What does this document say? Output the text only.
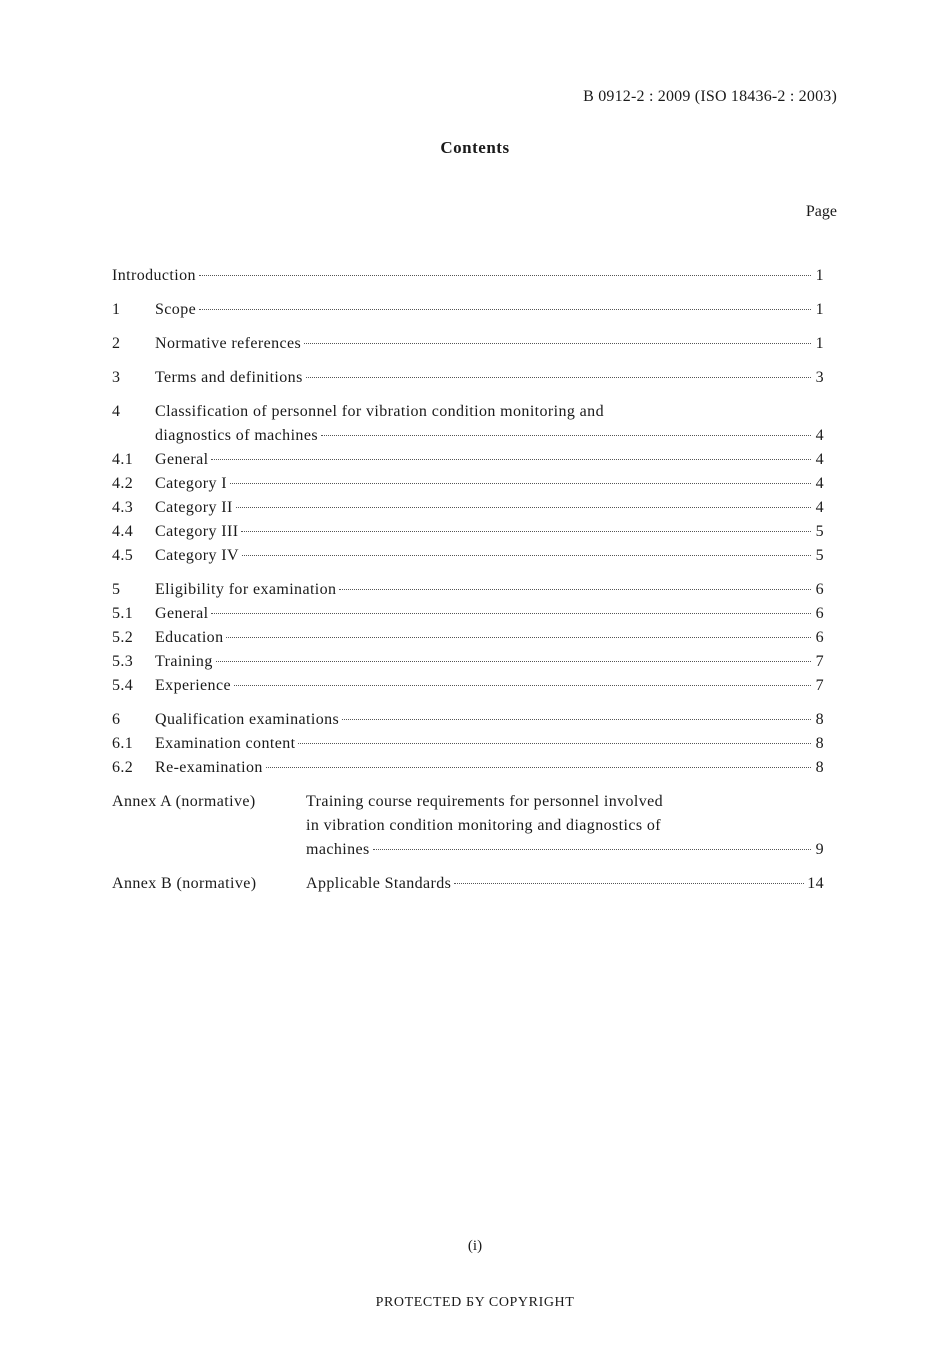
B 0912-2 : 2009 (ISO 18436-2 : 2003)
Contents
Page
Introduction	1
1	Scope	1
2	Normative references	1
3	Terms and definitions	3
4	Classification of personnel for vibration condition monitoring and
diagnostics of machines	4
4.1	General	4
4.2	Category I	4
4.3	Category II	4
4.4	Category III	5
4.5	Category IV	5
5	Eligibility for examination	6
5.1	General	6
5.2	Education	6
5.3	Training	7
5.4	Experience	7
6	Qualification examinations	8
6.1	Examination content	8
6.2	Re-examination	8
Annex A (normative)	Training course requirements for personnel involved
in vibration condition monitoring and diagnostics of
machines	9
Annex B (normative)	Applicable Standards	14
(i)
PROTECTED БY COPYRIGHT
